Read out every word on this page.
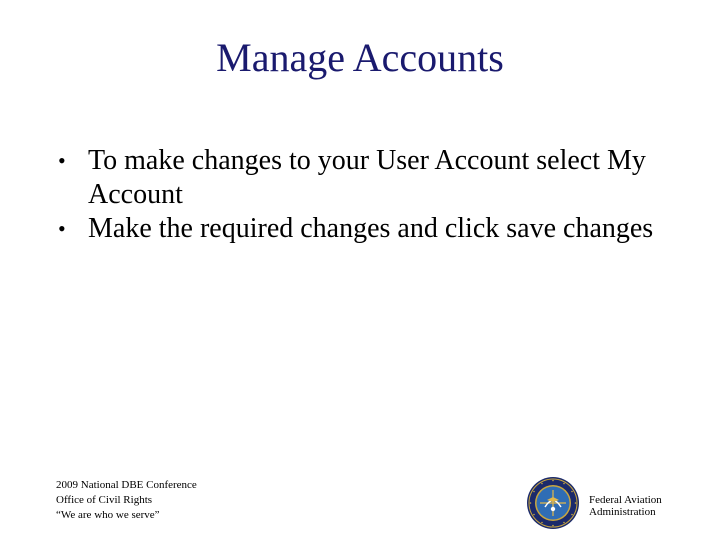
Manage Accounts
• To make changes to your User Account select My Account
• Make the required changes and click save changes
2009 National DBE Conference
Office of Civil Rights
“We are who we serve”
Federal Aviation
Administration
